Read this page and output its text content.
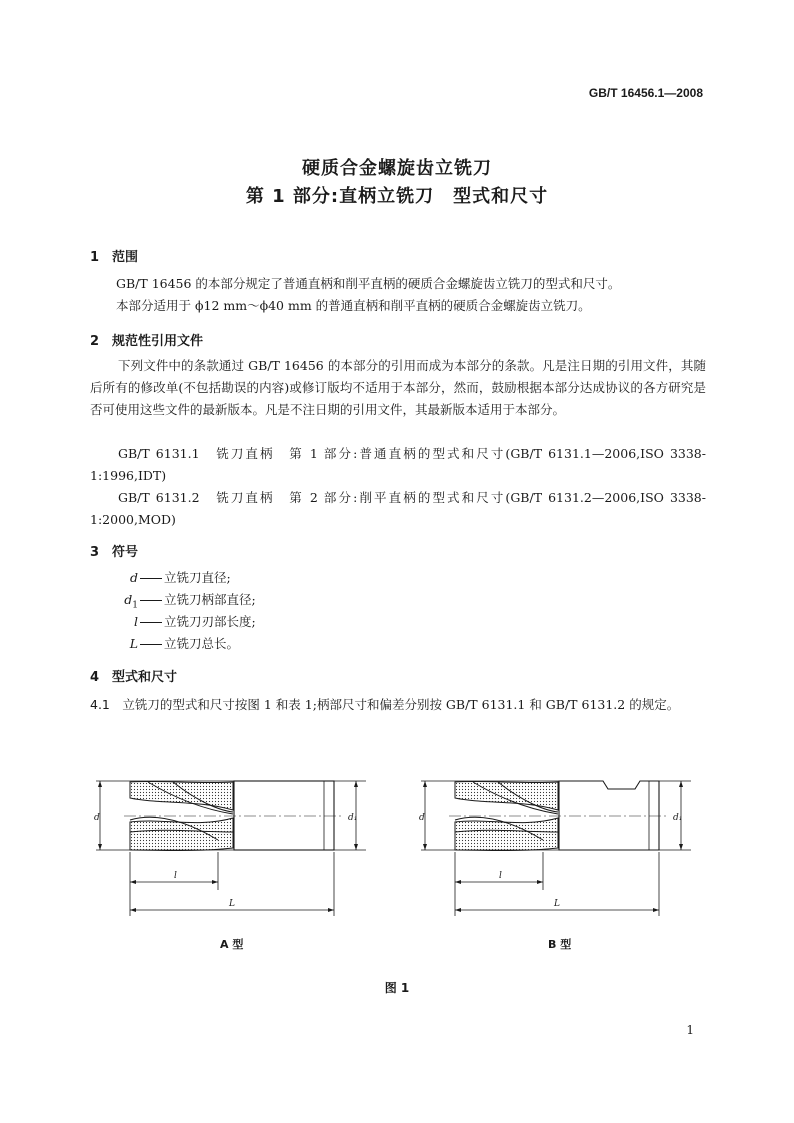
GB/T 16456.1—2008
硬质合金螺旋齿立铣刀
第 1 部分:直柄立铣刀　型式和尺寸
1 范围
GB/T 16456 的本部分规定了普通直柄和削平直柄的硬质合金螺旋齿立铣刀的型式和尺寸。
本部分适用于 ϕ12 mm～ϕ40 mm 的普通直柄和削平直柄的硬质合金螺旋齿立铣刀。
2 规范性引用文件
下列文件中的条款通过 GB/T 16456 的本部分的引用而成为本部分的条款。凡是注日期的引用文件，其随后所有的修改单(不包括勘误的内容)或修订版均不适用于本部分，然而，鼓励根据本部分达成协议的各方研究是否可使用这些文件的最新版本。凡是不注日期的引用文件，其最新版本适用于本部分。
GB/T 6131.1　铣刀直柄　第 1 部分:普通直柄的型式和尺寸(GB/T 6131.1—2006,ISO 3338-1:1996,IDT)
GB/T 6131.2　铣刀直柄　第 2 部分:削平直柄的型式和尺寸(GB/T 6131.2—2006,ISO 3338-1:2000,MOD)
3 符号
d 立铣刀直径;
$d_1$ 立铣刀柄部直径;
l 立铣刀刃部长度;
L 立铣刀总长。
4 型式和尺寸
4.1　 立铣刀的型式和尺寸按图 1 和表 1;柄部尺寸和偏差分别按 GB/T 6131.1 和 GB/T 6131.2 的规定。
d	d₁
l
L
A 型
d	d₁
l
L
B 型
图 1
1
